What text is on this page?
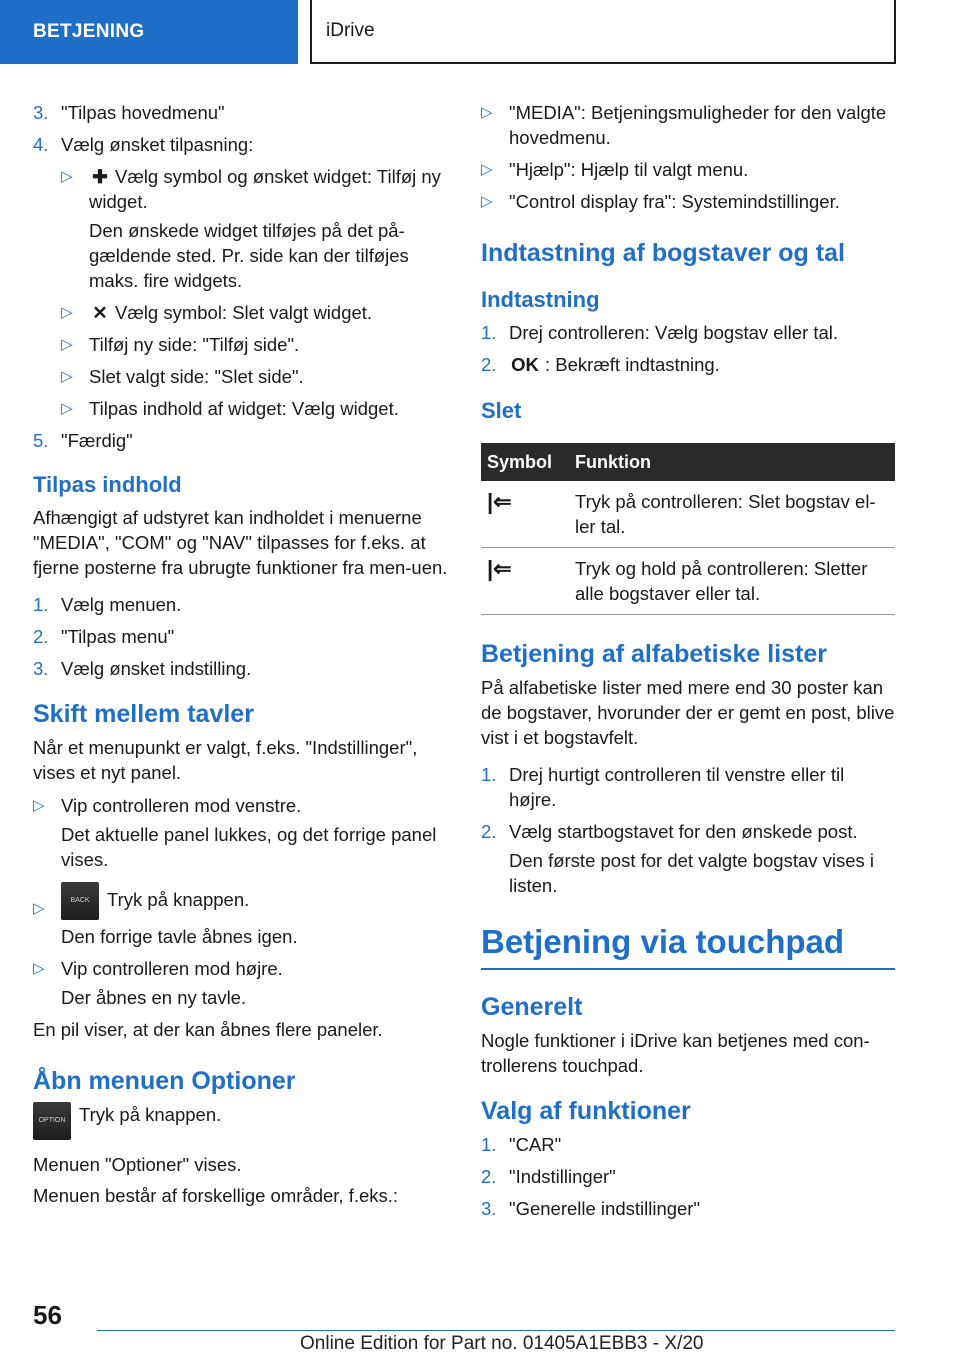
BETJENING	iDrive
3. "Tilpas hovedmenu"
4. Vælg ønsket tilpasning:
▷ ✚ Vælg symbol og ønsket widget: Tilføj ny widget.

Den ønskede widget tilføjes på det på-gældende sted. Pr. side kan der tilføjes maks. fire widgets.

▷ ✕ Vælg symbol: Slet valgt widget.
▷ Tilføj ny side: "Tilføj side".
▷ Slet valgt side: "Slet side".
▷ Tilpas indhold af widget: Vælg widget.
5. "Færdig"
Tilpas indhold

Afhængigt af udstyret kan indholdet i menuerne "MEDIA", "COM" og "NAV" tilpasses for f.eks. at fjerne posterne fra ubrugte funktioner fra men-uen.

1. Vælg menuen.
2. "Tilpas menu"
3. Vælg ønsket indstilling.
Skift mellem tavler

Når et menupunkt er valgt, f.eks. "Indstillinger", vises et nyt panel.

▷ Vip controlleren mod venstre.

Det aktuelle panel lukkes, og det forrige panel vises.

▷	BACK Tryk på knappen.

Den forrige tavle åbnes igen.

▷ Vip controlleren mod højre.

Der åbnes en ny tavle.

En pil viser, at der kan åbnes flere paneler.

Åbn menuen Optioner

OPTION Tryk på knappen.

Menuen "Optioner" vises.

Menuen består af forskellige områder, f.eks.:

▷ "MEDIA": Betjeningsmuligheder for den valgte hovedmenu.
▷ "Hjælp": Hjælp til valgt menu.
▷ "Control display fra": Systemindstillinger.
Indtastning af bogstaver og tal
Indtastning
1. Drej controlleren: Vælg bogstav eller tal.
2. OK : Bekræft indtastning.
Slet
Symbol	Funktion
|⇐	Tryk på controlleren: Slet bogstav el-ler tal.
|⇐	Tryk og hold på controlleren: Sletter alle bogstaver eller tal.
Betjening af alfabetiske lister

På alfabetiske lister med mere end 30 poster kan de bogstaver, hvorunder der er gemt en post, blive vist i et bogstavfelt.

1. Drej hurtigt controlleren til venstre eller til højre.
2. Vælg startbogstavet for den ønskede post.

Den første post for det valgte bogstav vises i listen.

Betjening via touchpad
Generelt

Nogle funktioner i iDrive kan betjenes med con-trollerens touchpad.

Valg af funktioner
1. "CAR"
2. "Indstillinger"
3. "Generelle indstillinger"
56
Online Edition for Part no. 01405A1EBB3 - X/20
